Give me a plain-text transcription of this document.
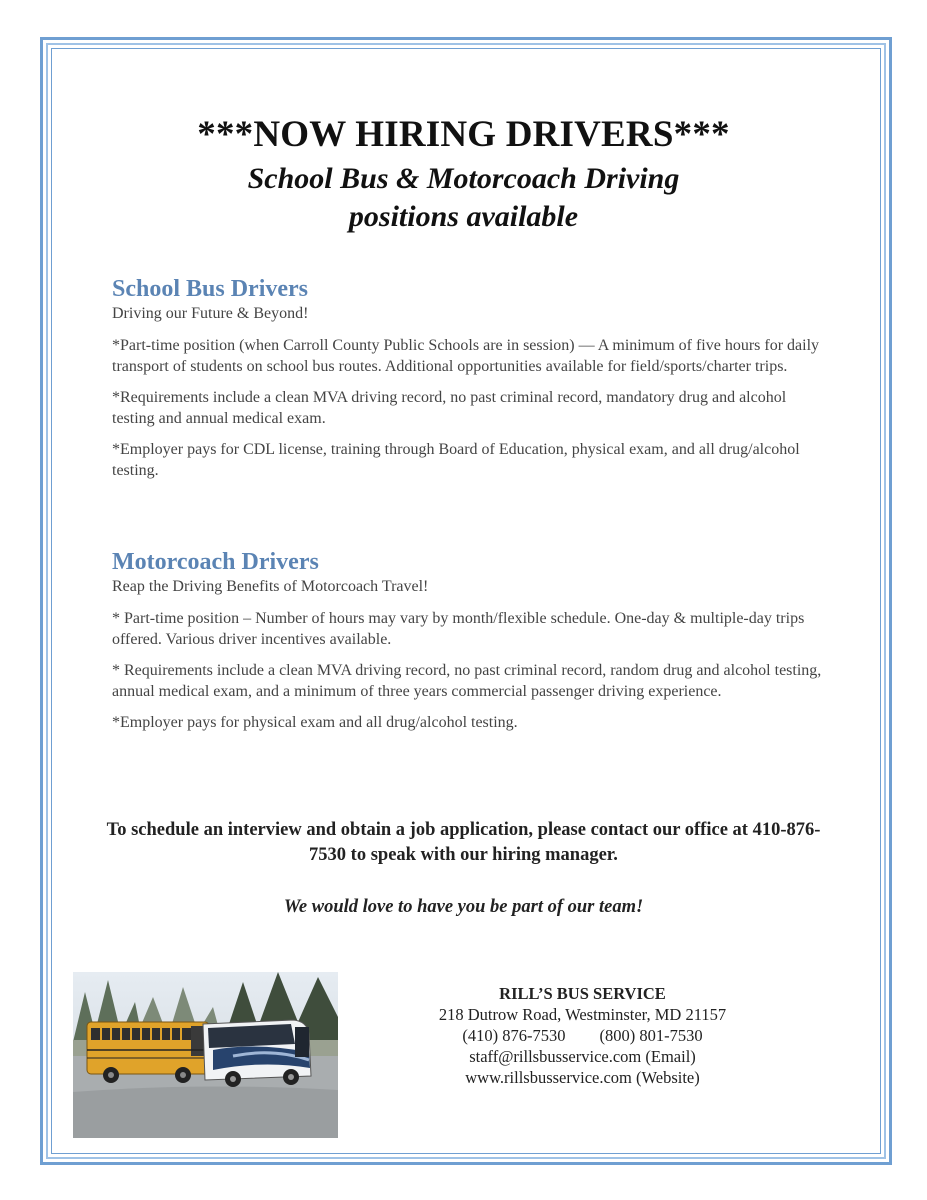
***NOW HIRING DRIVERS***
School Bus & Motorcoach Driving
positions available
School Bus Drivers
Driving our Future & Beyond!

*Part-time position (when Carroll County Public Schools are in session) — A minimum of five hours for daily transport of students on school bus routes. Additional opportunities available for field/sports/charter trips.

*Requirements include a clean MVA driving record, no past criminal record, mandatory drug and alcohol testing and annual medical exam.

*Employer pays for CDL license, training through Board of Education, physical exam, and all drug/alcohol testing.

Motorcoach Drivers
Reap the Driving Benefits of Motorcoach Travel!

* Part-time position – Number of hours may vary by month/flexible schedule. One-day & multiple-day trips offered. Various driver incentives available.

* Requirements include a clean MVA driving record, no past criminal record, random drug and alcohol testing, annual medical exam, and a minimum of three years commercial passenger driving experience.

*Employer pays for physical exam and all drug/alcohol testing.

To schedule an interview and obtain a job application, please contact our office at 410-876-7530 to speak with our hiring manager.
We would love to have you be part of our team!
RILL’S BUS SERVICE
218 Dutrow Road, Westminster, MD 21157
(410) 876-7530 (800) 801-7530
staff@rillsbusservice.com (Email)
www.rillsbusservice.com (Website)
